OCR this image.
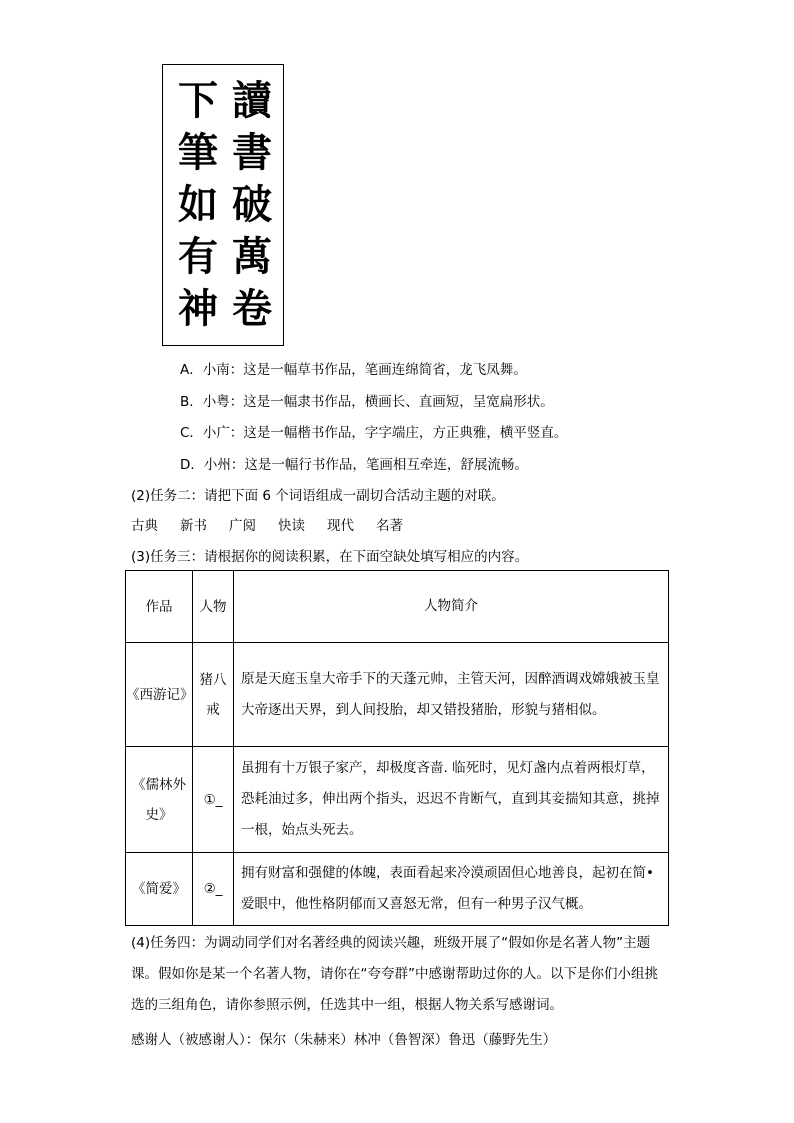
下
筆
如
有
神
讀
書
破
萬
卷
A．小南：这是一幅草书作品，笔画连绵简省，龙飞凤舞。
B．小粤：这是一幅隶书作品，横画长、直画短，呈宽扁形状。
C．小广：这是一幅楷书作品，字字端庄，方正典雅，横平竖直。
D．小州：这是一幅行书作品，笔画相互牵连，舒展流畅。
(2)任务二：请把下面 6 个词语组成一副切合活动主题的对联。
古典 新书 广阅 快读 现代 名著
(3)任务三：请根据你的阅读积累，在下面空缺处填写相应的内容。
作品	人物	人物简介
《西游记》	猪八戒	原是天庭玉皇大帝手下的天蓬元帅，主管天河，因醉酒调戏嫦娥被玉皇大帝逐出天界，到人间投胎，却又错投猪胎，形貌与猪相似。
《儒林外史》	①_	虽拥有十万银子家产，却极度吝啬. 临死时，见灯盏内点着两根灯草，恐耗油过多，伸出两个指头，迟迟不肯断气，直到其妾揣知其意，挑掉一根，始点头死去。
《简爱》	②_	拥有财富和强健的体魄，表面看起来冷漠顽固但心地善良，起初在简•爱眼中，他性格阴郁而又喜怒无常，但有一种男子汉气概。
(4)任务四：为调动同学们对名著经典的阅读兴趣，班级开展了“假如你是名著人物”主题课。假如你是某一个名著人物，请你在“夸夸群”中感谢帮助过你的人。以下是你们小组挑选的三组角色，请你参照示例，任选其中一组，根据人物关系写感谢词。
感谢人（被感谢人）：保尔（朱赫来）林冲（鲁智深）鲁迅（藤野先生）
